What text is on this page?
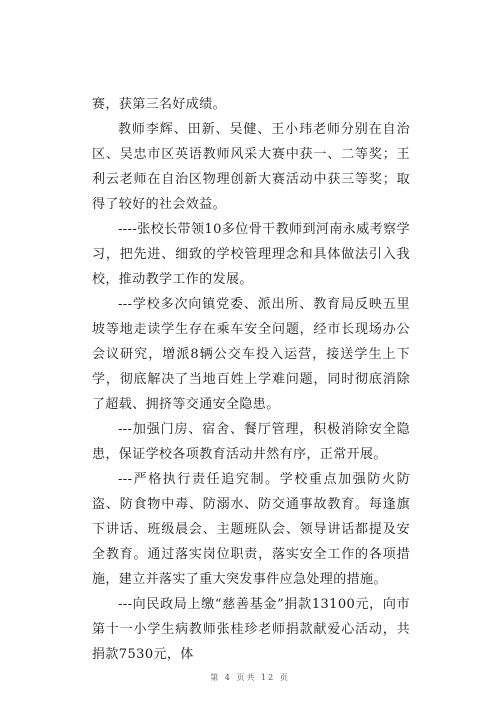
赛，获第三名好成绩。

教师李辉、田新、吴健、王小玮老师分别在自治区、吴忠市区英语教师风采大赛中获一、二等奖；王利云老师在自治区物理创新大赛活动中获三等奖；取得了较好的社会效益。

----张校长带领10多位骨干教师到河南永威考察学习，把先进、细致的学校管理理念和具体做法引入我校，推动教学工作的发展。

---学校多次向镇党委、派出所、教育局反映五里坡等地走读学生存在乘车安全问题，经市长现场办公会议研究，增派8辆公交车投入运营，接送学生上下学，彻底解决了当地百姓上学难问题，同时彻底消除了超载、拥挤等交通安全隐患。

---加强门房、宿舍、餐厅管理，积极消除安全隐患，保证学校各项教育活动井然有序，正常开展。

---严格执行责任追究制。学校重点加强防火防盗、防食物中毒、防溺水、防交通事故教育。每逢旗下讲话、班级晨会、主题班队会、领导讲话都提及安全教育。通过落实岗位职责，落实安全工作的各项措施，建立并落实了重大突发事件应急处理的措施。

---向民政局上缴“慈善基金”捐款13100元，向市第十一小学生病教师张桂珍老师捐款献爱心活动，共捐款7530元，体

第 4 页共 12 页
